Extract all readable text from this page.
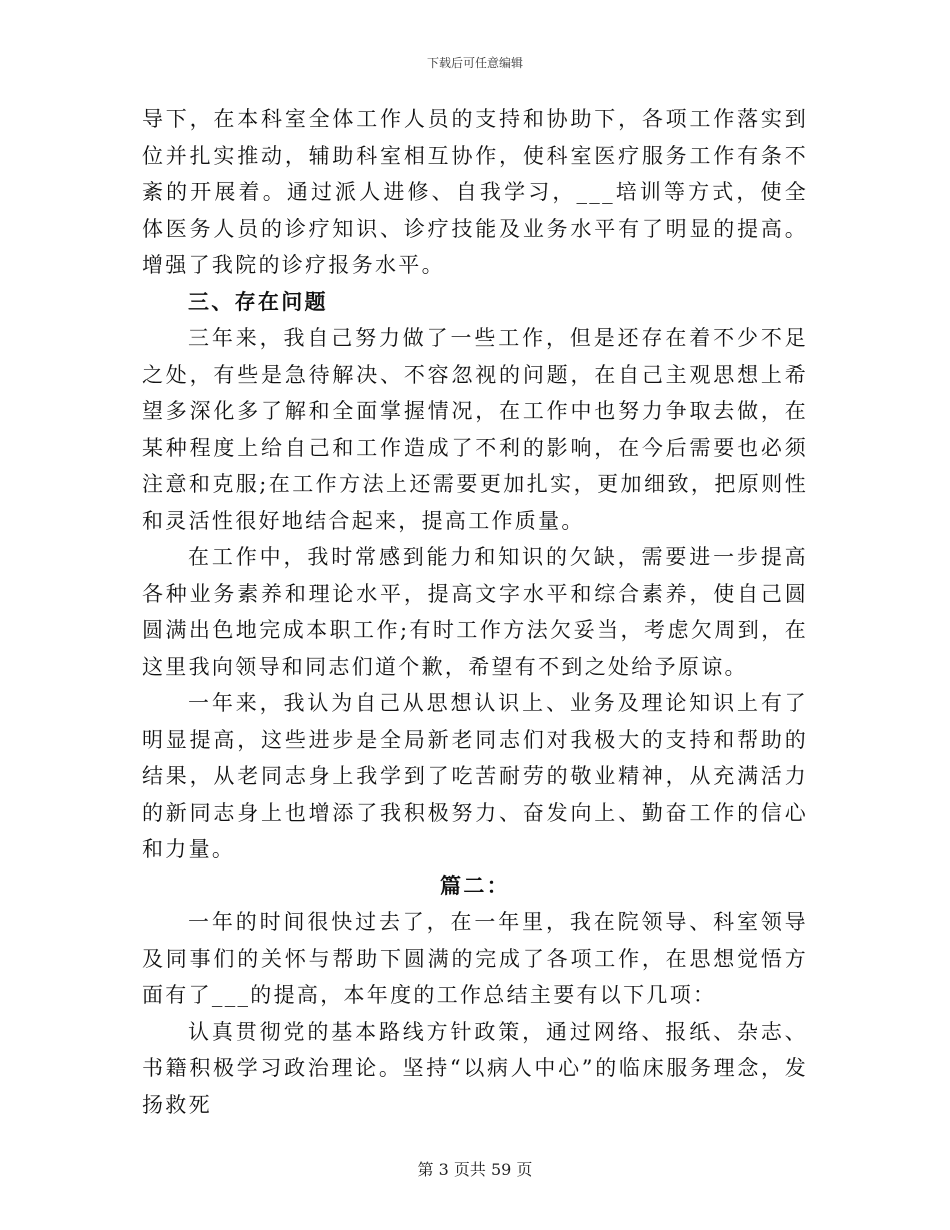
下载后可任意编辑

导下，在本科室全体工作人员的支持和协助下，各项工作落实到位并扎实推动，辅助科室相互协作，使科室医疗服务工作有条不紊的开展着。通过派人进修、自我学习，___培训等方式，使全体医务人员的诊疗知识、诊疗技能及业务水平有了明显的提高。增强了我院的诊疗报务水平。

三、存在问题

三年来，我自己努力做了一些工作，但是还存在着不少不足之处，有些是急待解决、不容忽视的问题，在自己主观思想上希望多深化多了解和全面掌握情况，在工作中也努力争取去做，在某种程度上给自己和工作造成了不利的影响，在今后需要也必须注意和克服;在工作方法上还需要更加扎实，更加细致，把原则性和灵活性很好地结合起来，提高工作质量。

在工作中，我时常感到能力和知识的欠缺，需要进一步提高各种业务素养和理论水平，提高文字水平和综合素养，使自己圆圆满出色地完成本职工作;有时工作方法欠妥当，考虑欠周到，在这里我向领导和同志们道个歉，希望有不到之处给予原谅。

一年来，我认为自己从思想认识上、业务及理论知识上有了明显提高，这些进步是全局新老同志们对我极大的支持和帮助的结果，从老同志身上我学到了吃苦耐劳的敬业精神，从充满活力的新同志身上也增添了我积极努力、奋发向上、勤奋工作的信心和力量。

篇二：

一年的时间很快过去了，在一年里，我在院领导、科室领导及同事们的关怀与帮助下圆满的完成了各项工作，在思想觉悟方面有了___的提高，本年度的工作总结主要有以下几项：

认真贯彻党的基本路线方针政策，通过网络、报纸、杂志、书籍积极学习政治理论。坚持“以病人中心”的临床服务理念，发扬救死

第 3 页共 59 页
